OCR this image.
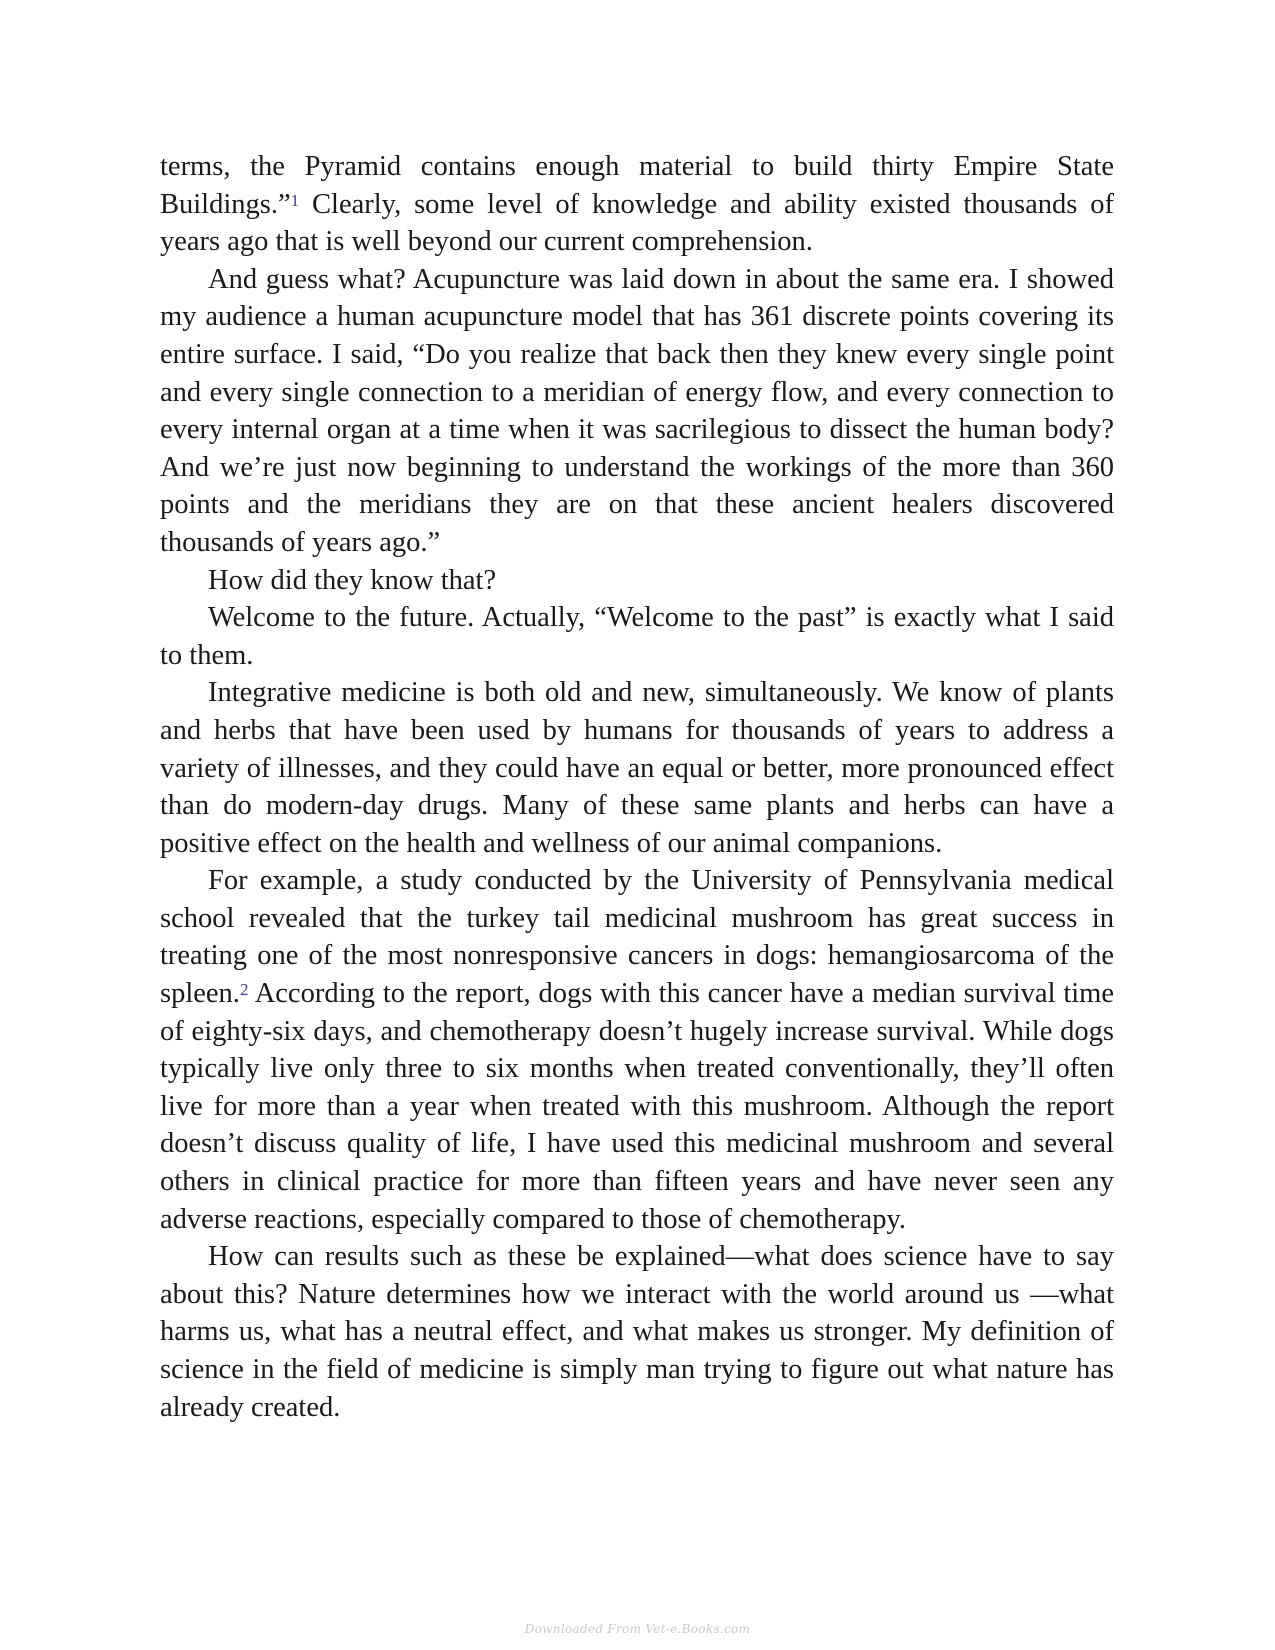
terms, the Pyramid contains enough material to build thirty Empire State Buildings.”$^1$ Clearly, some level of knowledge and ability existed thousands of years ago that is well beyond our current comprehension.

And guess what? Acupuncture was laid down in about the same era. I showed my audience a human acupuncture model that has 361 discrete points covering its entire surface. I said, “Do you realize that back then they knew every single point and every single connection to a meridian of energy flow, and every connection to every internal organ at a time when it was sacrilegious to dissect the human body? And we’re just now beginning to understand the workings of the more than 360 points and the meridians they are on that these ancient healers discovered thousands of years ago.”

How did they know that?

Welcome to the future. Actually, “Welcome to the past” is exactly what I said to them.

Integrative medicine is both old and new, simultaneously. We know of plants and herbs that have been used by humans for thousands of years to address a variety of illnesses, and they could have an equal or better, more pronounced effect than do modern-day drugs. Many of these same plants and herbs can have a positive effect on the health and wellness of our animal companions.

For example, a study conducted by the University of Pennsylvania medical school revealed that the turkey tail medicinal mushroom has great success in treating one of the most nonresponsive cancers in dogs: hemangiosarcoma of the spleen.$^2$ According to the report, dogs with this cancer have a median survival time of eighty-six days, and chemotherapy doesn’t hugely increase survival. While dogs typically live only three to six months when treated conventionally, they’ll often live for more than a year when treated with this mushroom. Although the report doesn’t discuss quality of life, I have used this medicinal mushroom and several others in clinical practice for more than fifteen years and have never seen any adverse reactions, especially compared to those of chemotherapy.

How can results such as these be explained—what does science have to say about this? Nature determines how we interact with the world around us —what harms us, what has a neutral effect, and what makes us stronger. My definition of science in the field of medicine is simply man trying to figure out what nature has already created.

Downloaded From Vet-e.Books.com
